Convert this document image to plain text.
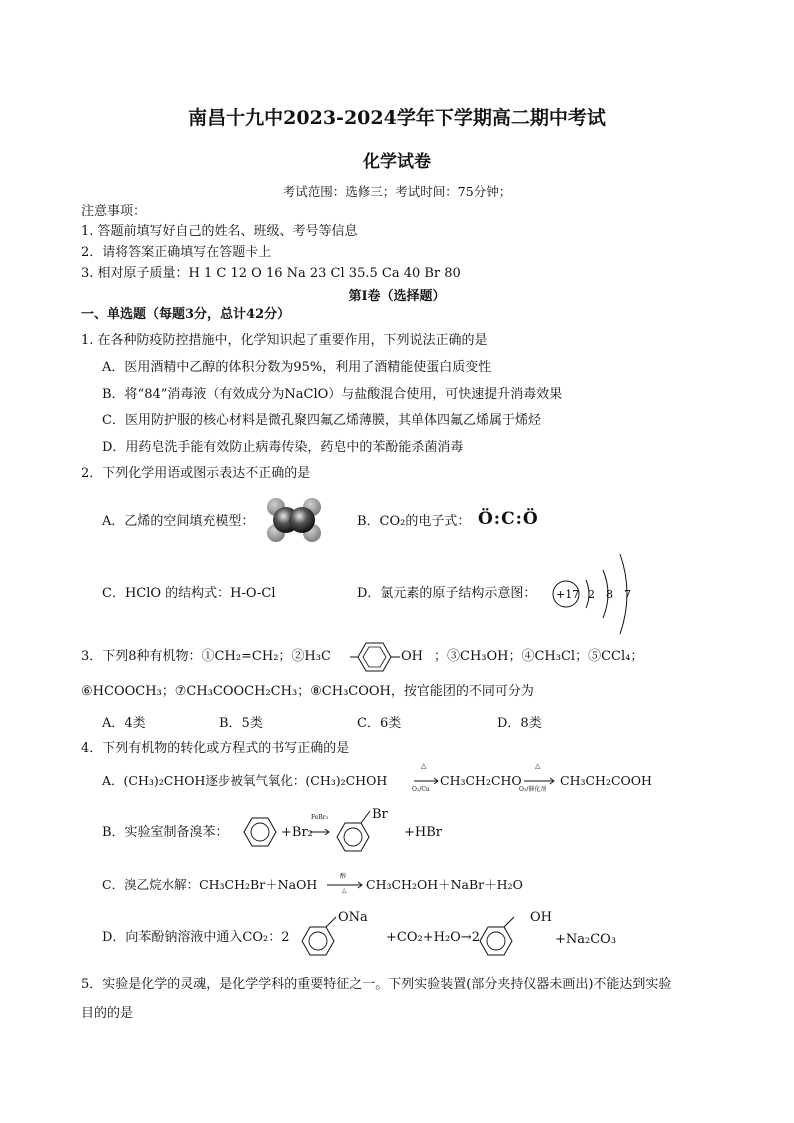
南昌十九中2023-2024学年下学期高二期中考试
化学试卷
考试范围：选修三；考试时间：75分钟；
注意事项：
1. 答题前填写好自己的姓名、班级、考号等信息
2．请将答案正确填写在答题卡上
3. 相对原子质量：H 1 C 12 O 16 Na 23 Cl 35.5 Ca 40 Br 80
第Ⅰ卷（选择题）
一、单选题（每题3分，总计42分）
1. 在各种防疫防控措施中，化学知识起了重要作用，下列说法正确的是
A．医用酒精中乙醇的体积分数为95%，利用了酒精能使蛋白质变性
B．将“84”消毒液（有效成分为NaClO）与盐酸混合使用，可快速提升消毒效果
C．医用防护服的核心材料是微孔聚四氟乙烯薄膜，其单体四氟乙烯属于烯烃
D．用药皂洗手能有效防止病毒传染，药皂中的苯酚能杀菌消毒
2．下列化学用语或图示表达不正确的是
A．乙烯的空间填充模型：	B．CO₂的电子式： Ö:C:Ö
C．HClO 的结构式：H-O-Cl	D．氯元素的原子结构示意图： +17 2 8 7
3．下列8种有机物：①CH₂=CH₂；②H₃C	OH ；③CH₃OH；④CH₃Cl；⑤CCl₄；
⑥HCOOCH₃；⑦CH₃COOCH₂CH₃；⑧CH₃COOH，按官能团的不同可分为
A．4类	B．5类	C．6类	D．8类
4．下列有机物的转化或方程式的书写正确的是
A．(CH₃)₂CHOH逐步被氧气氧化：(CH₃)₂CHOH
△
O₂/Cu
CH₃CH₂CHO →
△
O₂/催化剂
CH₃CH₂COOH
B．实验室制备溴苯：	+Br₂
FeBr₃	Br
+HBr
C．溴乙烷水解：CH₃CH₂Br＋NaOH →
醇
△ CH₃CH₂OH＋NaBr＋H₂O
D．向苯酚钠溶液中通入CO₂：2
ONa
+CO₂+H₂O→2
OH
+Na₂CO₃
5．实验是化学的灵魂，是化学学科的重要特征之一。下列实验装置(部分夹持仪器未画出)不能达到实验
目的的是
